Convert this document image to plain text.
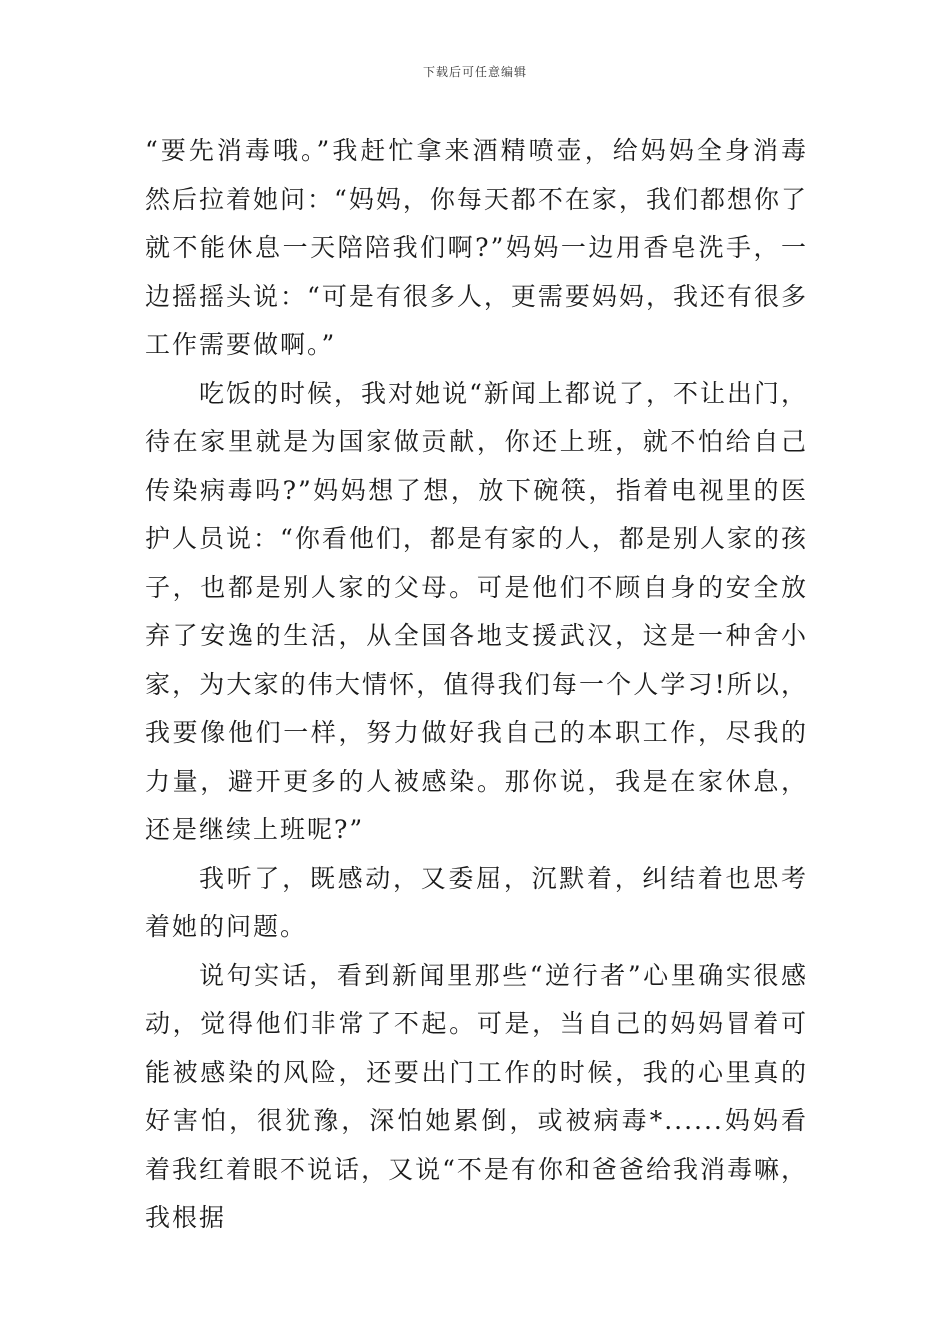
下载后可任意编辑

“要先消毒哦。”我赶忙拿来酒精喷壶，给妈妈全身消毒然后拉着她问：“妈妈，你每天都不在家，我们都想你了就不能休息一天陪陪我们啊?”妈妈一边用香皂洗手，一边摇摇头说：“可是有很多人，更需要妈妈，我还有很多工作需要做啊。”

吃饭的时候，我对她说“新闻上都说了，不让出门，待在家里就是为国家做贡献，你还上班，就不怕给自己传染病毒吗?”妈妈想了想，放下碗筷，指着电视里的医护人员说：“你看他们，都是有家的人，都是别人家的孩子，也都是别人家的父母。可是他们不顾自身的安全放弃了安逸的生活，从全国各地支援武汉，这是一种舍小家，为大家的伟大情怀，值得我们每一个人学习!所以，我要像他们一样，努力做好我自己的本职工作，尽我的力量，避开更多的人被感染。那你说，我是在家休息，还是继续上班呢?”

我听了，既感动，又委屈，沉默着，纠结着也思考着她的问题。

说句实话，看到新闻里那些“逆行者”心里确实很感动，觉得他们非常了不起。可是，当自己的妈妈冒着可能被感染的风险，还要出门工作的时候，我的心里真的好害怕，很犹豫，深怕她累倒，或被病毒*......妈妈看着我红着眼不说话，又说“不是有你和爸爸给我消毒嘛，我根据
